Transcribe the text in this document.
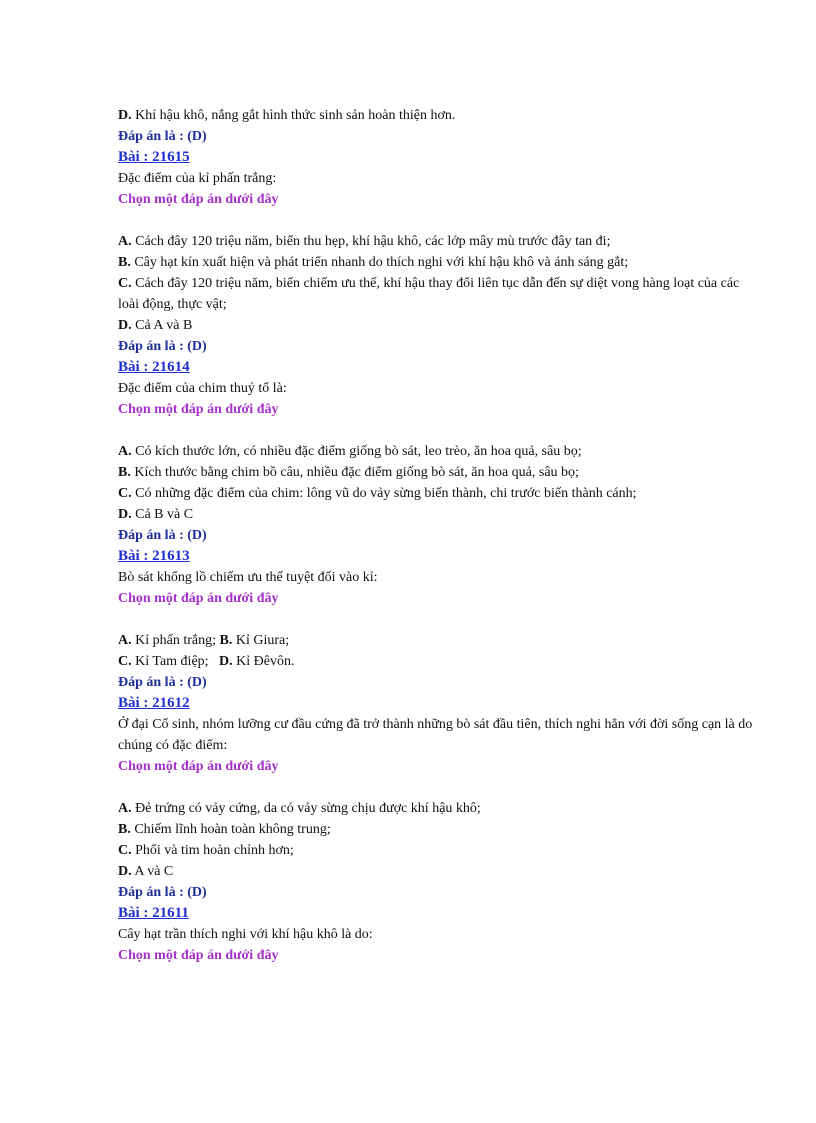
D. Khí hậu khô, nắng gắt hình thức sinh sản hoàn thiện hơn.
Đáp án là : (D)
Bài : 21615
Đặc điểm của kỉ phấn trắng:
Chọn một đáp án dưới đây
A. Cách đây 120 triệu năm, biển thu hẹp, khí hậu khô, các lớp mây mù trước đây tan đi;
B. Cây hạt kín xuất hiện và phát triển nhanh do thích nghi với khí hậu khô và ánh sáng gắt;
C. Cách đây 120 triệu năm, biển chiếm ưu thế, khí hậu thay đổi liên tục dẫn đến sự diệt vong hàng loạt của các loài động, thực vật;
D. Cả A và B
Đáp án là : (D)
Bài : 21614
Đặc điểm của chim thuỷ tổ là:
Chọn một đáp án dưới đây
A. Có kích thước lớn, có nhiều đặc điểm giống bò sát, leo trèo, ăn hoa quả, sâu bọ;
B. Kích thước bằng chim bồ câu, nhiều đặc điểm giống bò sát, ăn hoa quả, sâu bọ;
C. Có những đặc điểm của chim: lông vũ do vảy sừng biến thành, chi trước biến thành cánh;
D. Cả B và C
Đáp án là : (D)
Bài : 21613
Bò sát khổng lồ chiếm ưu thế tuyệt đối vào kỉ:
Chọn một đáp án dưới đây
A. Kỉ phấn trắng; B. Kỉ Giura;
C. Kỉ Tam điệp;   D. Kỉ Đêvôn.
Đáp án là : (D)
Bài : 21612
Ở đại Cổ sinh, nhóm lưỡng cư đầu cứng đã trở thành những bò sát đầu tiên, thích nghi hẳn với đời sống cạn là do chúng có đặc điểm:
Chọn một đáp án dưới đây
A. Đẻ trứng có vảy cứng, da có vảy sừng chịu được khí hậu khô;
B. Chiếm lĩnh hoàn toàn không trung;
C. Phổi và tim hoàn chỉnh hơn;
D. A và C
Đáp án là : (D)
Bài : 21611
Cây hạt trần thích nghi với khí hậu khô là do:
Chọn một đáp án dưới đây
